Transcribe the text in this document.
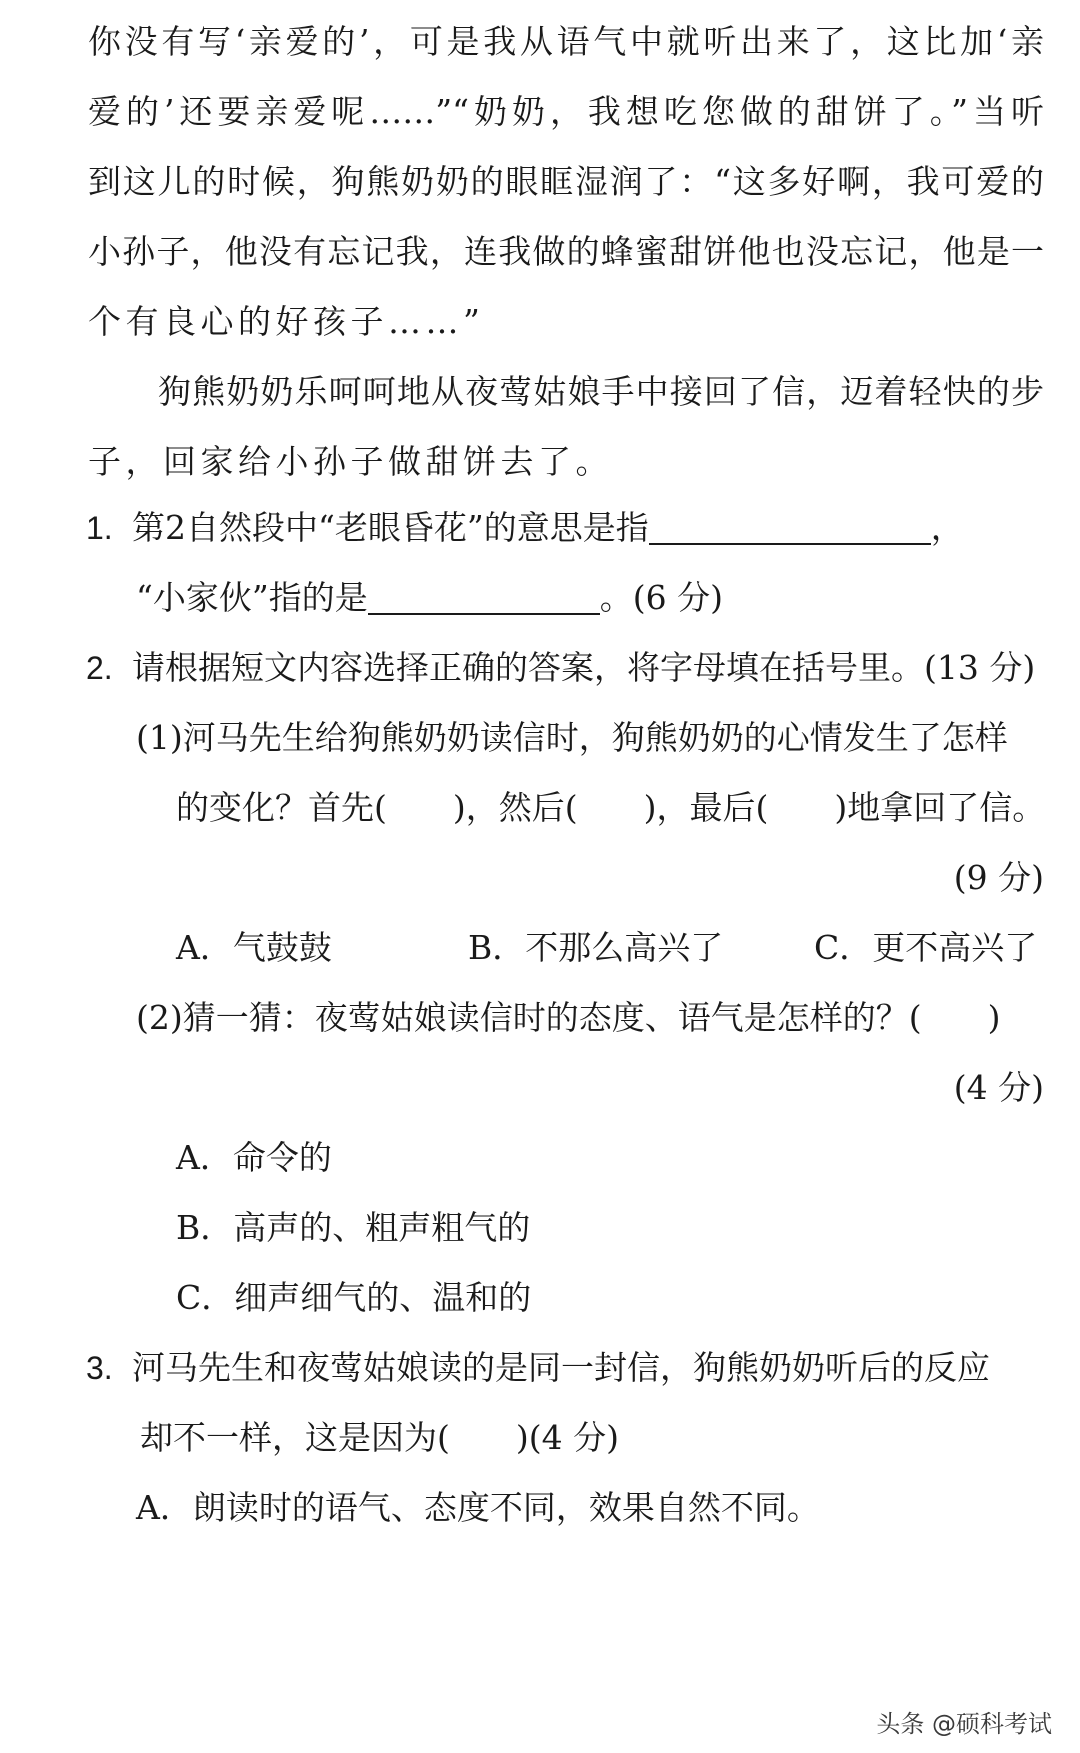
你没有写‘亲爱的’，可是我从语气中就听出来了，这比加‘亲
爱的’还要亲爱呢……”“奶奶，我想吃您做的甜饼了。”当听
到这儿的时候，狗熊奶奶的眼眶湿润了：“这多好啊，我可爱的
小孙子，他没有忘记我，连我做的蜂蜜甜饼他也没忘记，他是一
个有良心的好孩子……”
狗熊奶奶乐呵呵地从夜莺姑娘手中接回了信，迈着轻快的步
子，回家给小孙子做甜饼去了。
1. 第2自然段中“老眼昏花”的意思是指	，
“小家伙”指的是	。(6 分)
2. 请根据短文内容选择正确的答案，将字母填在括号里。(13 分)
(1)河马先生给狗熊奶奶读信时，狗熊奶奶的心情发生了怎样
的变化？首先(　　)，然后(　　)，最后(　　)地拿回了信。
(9 分)
A．气鼓鼓	B．不那么高兴了	C．更不高兴了
(2)猜一猜：夜莺姑娘读信时的态度、语气是怎样的？(　　)
(4 分)
A．命令的
B．高声的、粗声粗气的
C．细声细气的、温和的
3. 河马先生和夜莺姑娘读的是同一封信，狗熊奶奶听后的反应
却不一样，这是因为(　　)(4 分)
A．朗读时的语气、态度不同，效果自然不同。
头条 @硕科考试
